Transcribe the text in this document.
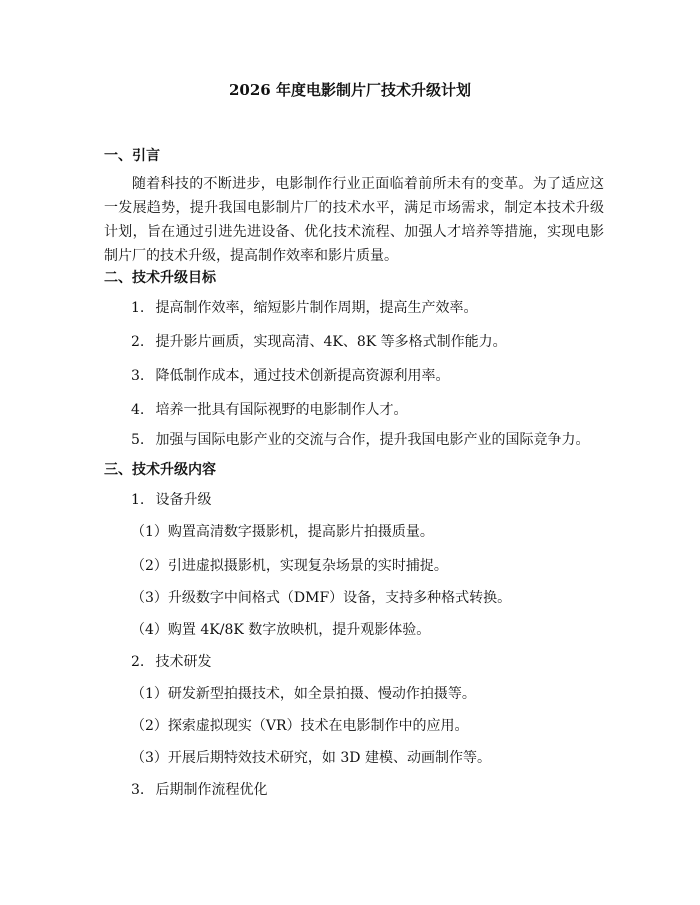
2026 年度电影制片厂技术升级计划
一、引言

随着科技的不断进步，电影制作行业正面临着前所未有的变革。为了适应这一发展趋势，提升我国电影制片厂的技术水平，满足市场需求，制定本技术升级计划，旨在通过引进先进设备、优化技术流程、加强人才培养等措施，实现电影制片厂的技术升级，提高制作效率和影片质量。

二、技术升级目标
1. 提高制作效率，缩短影片制作周期，提高生产效率。
2. 提升影片画质，实现高清、4K、8K 等多格式制作能力。
3. 降低制作成本，通过技术创新提高资源利用率。
4. 培养一批具有国际视野的电影制作人才。
5. 加强与国际电影产业的交流与合作，提升我国电影产业的国际竞争力。
三、技术升级内容
1. 设备升级
（1）购置高清数字摄影机，提高影片拍摄质量。
（2）引进虚拟摄影机，实现复杂场景的实时捕捉。
（3）升级数字中间格式（DMF）设备，支持多种格式转换。
（4）购置 4K/8K 数字放映机，提升观影体验。
2. 技术研发
（1）研发新型拍摄技术，如全景拍摄、慢动作拍摄等。
（2）探索虚拟现实（VR）技术在电影制作中的应用。
（3）开展后期特效技术研究，如 3D 建模、动画制作等。
3. 后期制作流程优化
